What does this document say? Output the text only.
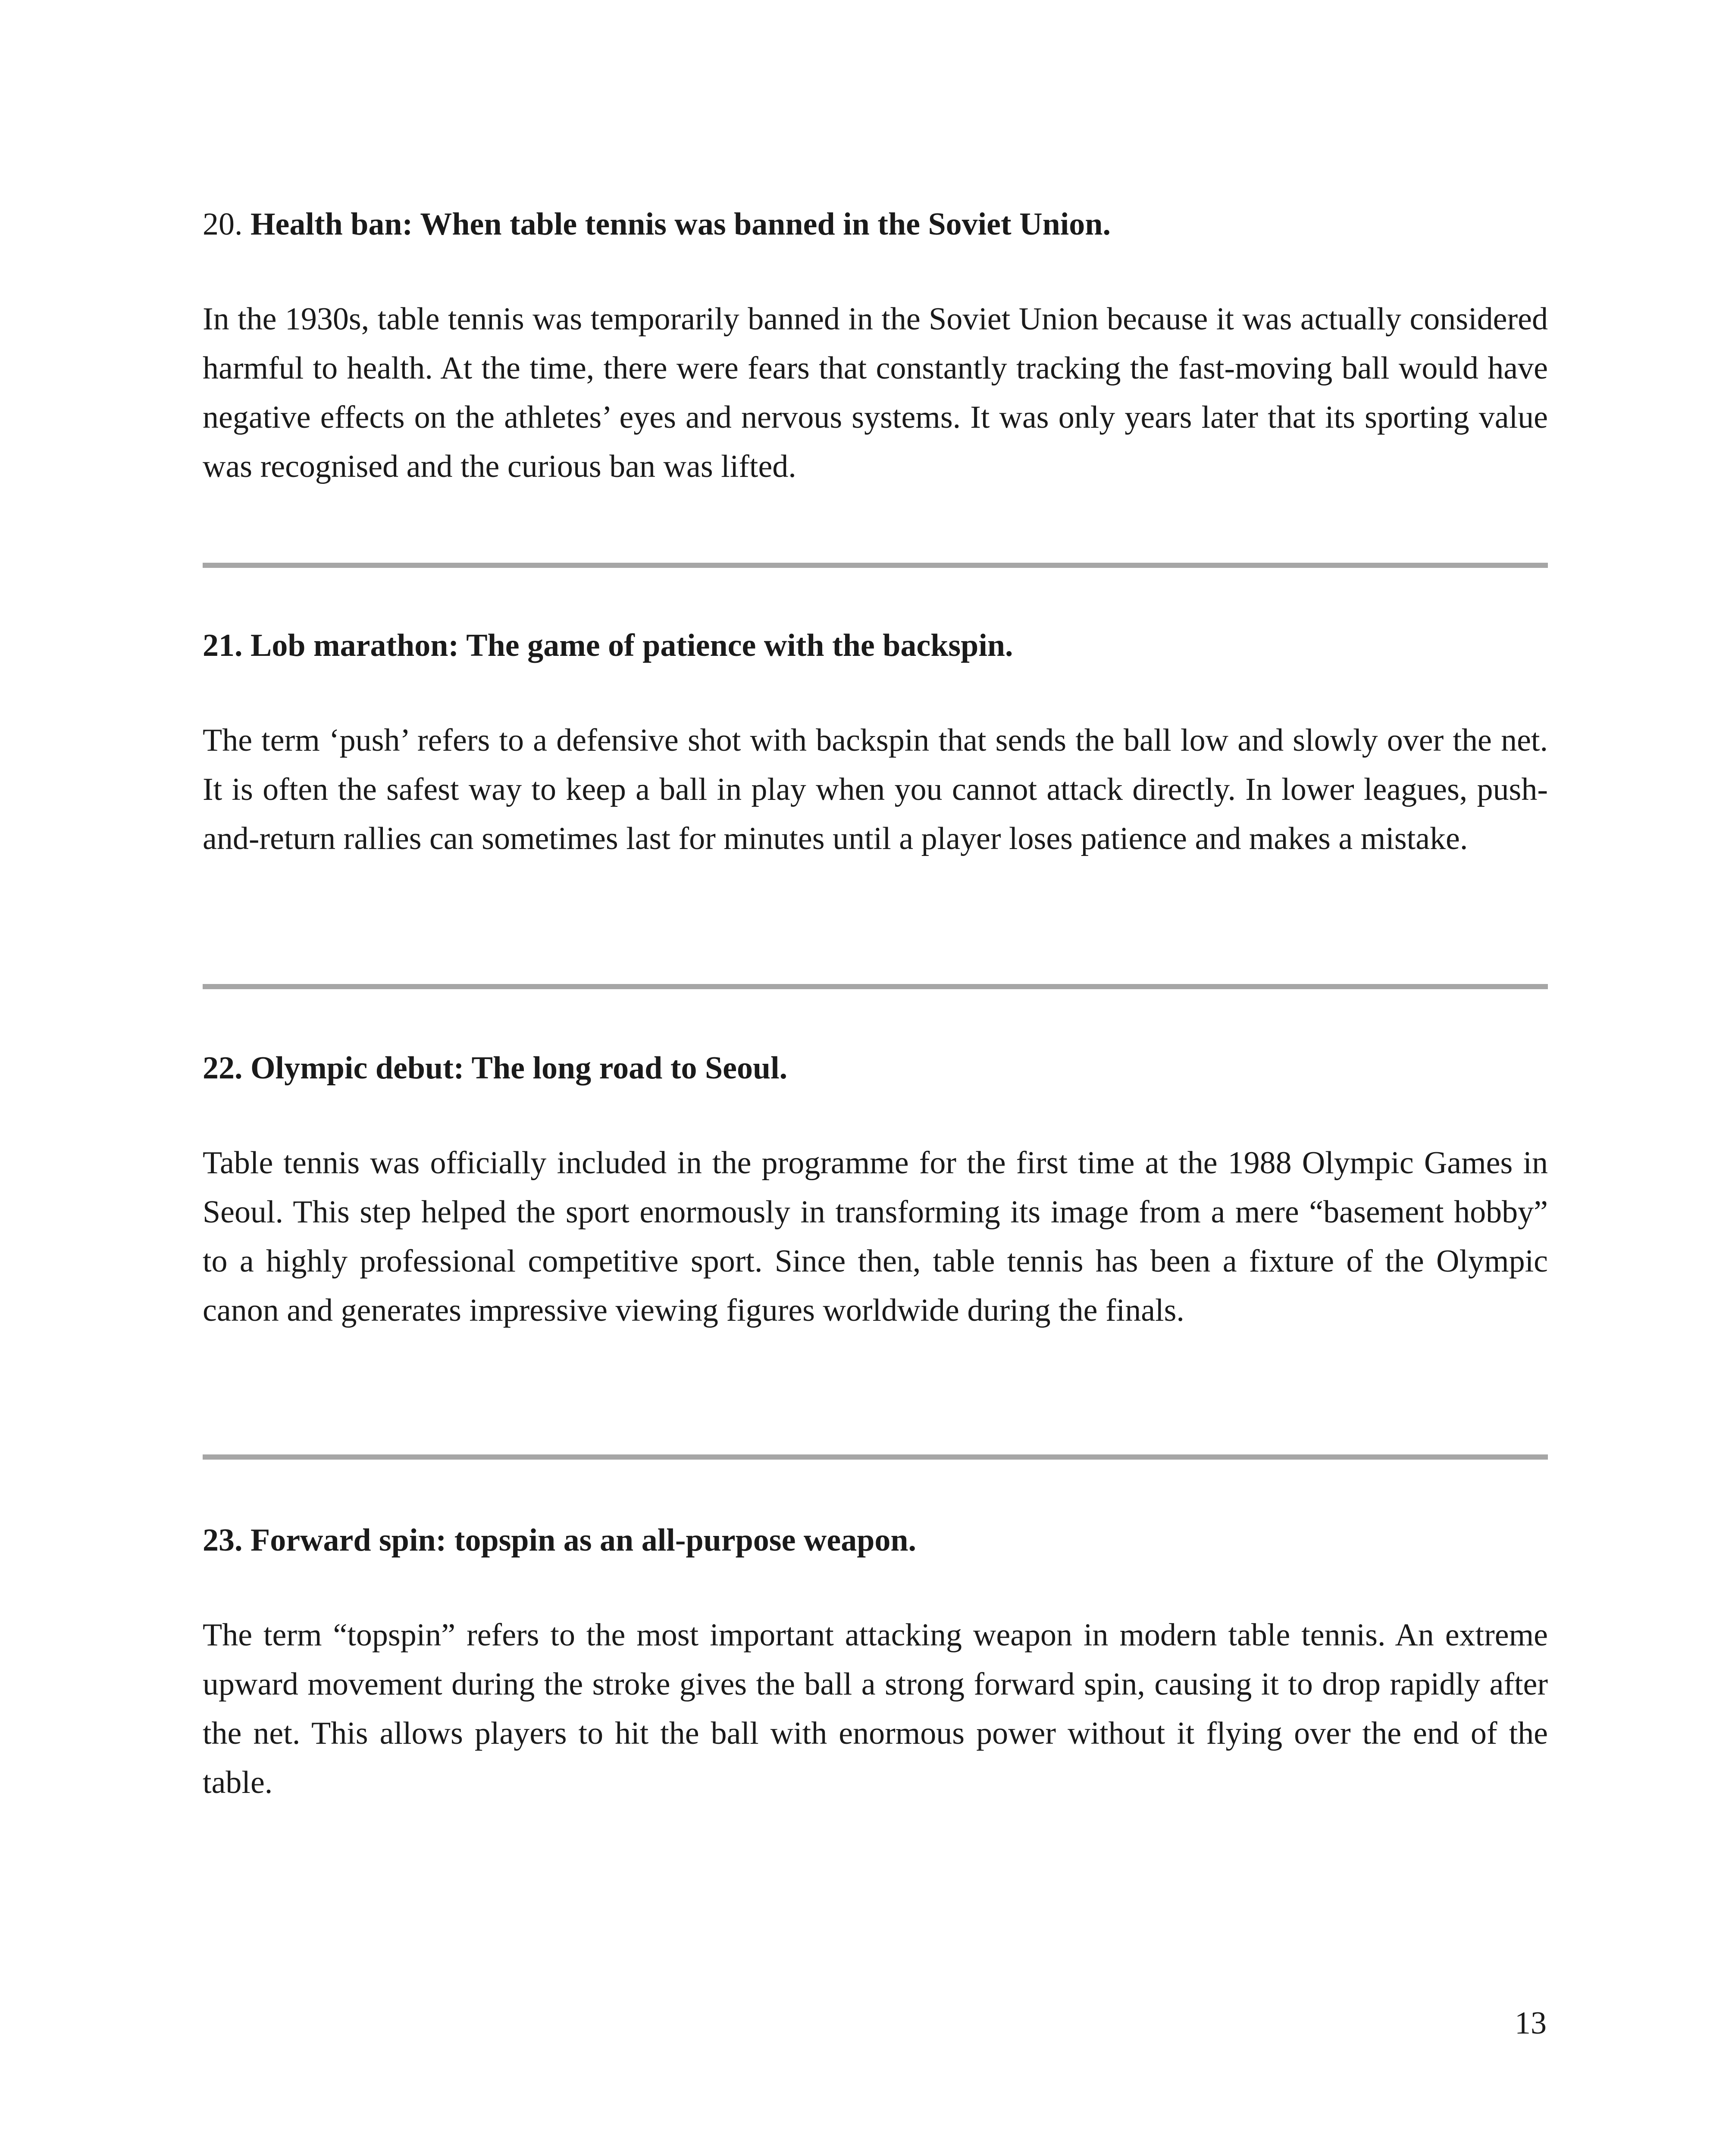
20. Health ban: When table tennis was banned in the Soviet Union.

In the 1930s, table tennis was temporarily banned in the Soviet Union because it was actually considered harmful to health. At the time, there were fears that constantly tracking the fast-moving ball would have negative effects on the athletes’ eyes and nervous systems. It was only years later that its sporting value was recognised and the curious ban was lifted.

21. Lob marathon: The game of patience with the backspin.

The term ‘push’ refers to a defensive shot with backspin that sends the ball low and slowly over the net. It is often the safest way to keep a ball in play when you cannot attack directly. In lower leagues, push-and-return rallies can sometimes last for minutes until a player loses patience and makes a mistake.

22. Olympic debut: The long road to Seoul.

Table tennis was officially included in the programme for the first time at the 1988 Olympic Games in Seoul. This step helped the sport enormously in transforming its image from a mere “basement hobby” to a highly professional competitive sport. Since then, table tennis has been a fixture of the Olympic canon and generates impressive viewing figures worldwide during the finals.

23. Forward spin: topspin as an all-purpose weapon.

The term “topspin” refers to the most important attacking weapon in modern table tennis. An extreme upward movement during the stroke gives the ball a strong forward spin, causing it to drop rapidly after the net. This allows players to hit the ball with enormous power without it flying over the end of the table.

13
